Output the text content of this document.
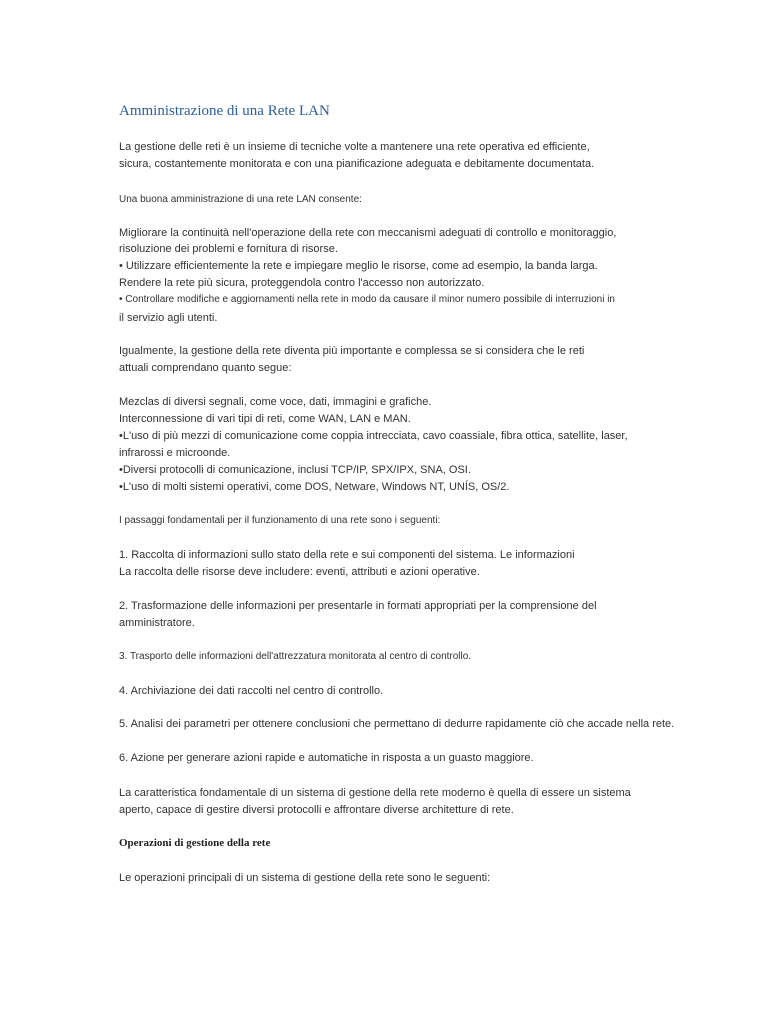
Amministrazione di una Rete LAN
La gestione delle reti è un insieme di tecniche volte a mantenere una rete operativa ed efficiente,
sicura, costantemente monitorata e con una pianificazione adeguata e debitamente documentata.
Una buona amministrazione di una rete LAN consente:
Migliorare la continuità nell'operazione della rete con meccanismi adeguati di controllo e monitoraggio,
risoluzione dei problemi e fornitura di risorse.
• Utilizzare efficientemente la rete e impiegare meglio le risorse, come ad esempio, la banda larga.
Rendere la rete più sicura, proteggendola contro l'accesso non autorizzato.
• Controllare modifiche e aggiornamenti nella rete in modo da causare il minor numero possibile di interruzioni in
il servizio agli utenti.
Igualmente, la gestione della rete diventa più importante e complessa se si considera che le reti
attuali comprendano quanto segue:
Mezclas di diversi segnali, come voce, dati, immagini e grafiche.
Interconnessione di vari tipi di reti, come WAN, LAN e MAN.
•L'uso di più mezzi di comunicazione come coppia intrecciata, cavo coassiale, fibra ottica, satellite, laser,
infrarossi e microonde.
•Diversi protocolli di comunicazione, inclusi TCP/IP, SPX/IPX, SNA, OSI.
•L'uso di molti sistemi operativi, come DOS, Netware, Windows NT, UNÍS, OS/2.
I passaggi fondamentali per il funzionamento di una rete sono i seguenti:
1. Raccolta di informazioni sullo stato della rete e sui componenti del sistema. Le informazioni
La raccolta delle risorse deve includere: eventi, attributi e azioni operative.
2. Trasformazione delle informazioni per presentarle in formati appropriati per la comprensione del
amministratore.
3. Trasporto delle informazioni dell'attrezzatura monitorata al centro di controllo.
4. Archiviazione dei dati raccolti nel centro di controllo.
5. Analisi dei parametri per ottenere conclusioni che permettano di dedurre rapidamente ciò che accade nella rete.
6. Azione per generare azioni rapide e automatiche in risposta a un guasto maggiore.
La caratteristica fondamentale di un sistema di gestione della rete moderno è quella di essere un sistema
aperto, capace di gestire diversi protocolli e affrontare diverse architetture di rete.
Operazioni di gestione della rete
Le operazioni principali di un sistema di gestione della rete sono le seguenti:
